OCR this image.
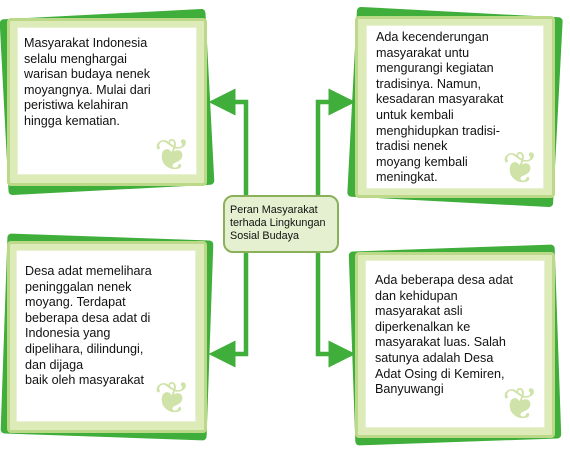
❦
Masyarakat Indonesia
selalu menghargai
warisan budaya nenek
moyangnya. Mulai dari
peristiwa kelahiran
hingga kematian.
❦
Ada kecenderungan
masyarakat untu
mengurangi kegiatan
tradisinya. Namun,
kesadaran masyarakat
untuk kembali
menghidupkan tradisi-
tradisi nenek
moyang kembali
meningkat.
❦
Desa adat memelihara
peninggalan nenek
moyang. Terdapat
beberapa desa adat di
Indonesia yang
dipelihara, dilindungi,
dan dijaga
baik oleh masyarakat	❦
Ada beberapa desa adat
dan kehidupan
masyarakat asli
diperkenalkan ke
masyarakat luas. Salah
satunya adalah Desa
Adat Osing di Kemiren,
Banyuwangi
Peran Masyarakat
terhada Lingkungan
Sosial Budaya
